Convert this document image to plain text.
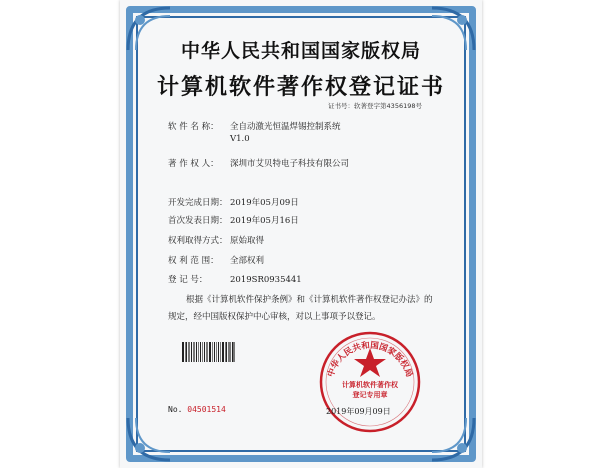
中华人民共和国国家版权局
计算机软件著作权登记证书
证书号：软著登字第4356198号
软 件 名 称： 全自动激光恒温焊锡控制系统
V1.0
著 作 权 人： 深圳市艾贝特电子科技有限公司
开发完成日期： 2019年05月09日
首次发表日期： 2019年05月16日
权利取得方式： 原始取得
权 利 范 围： 全部权利
登 记 号：	2019SR0935441
根据《计算机软件保护条例》和《计算机软件著作权登记办法》的
规定，经中国版权保护中心审核，对以上事项予以登记。
中华人民共和国国家版权局
计算机软件著作权
登记专用章
No. 04501514	2019年09月09日
